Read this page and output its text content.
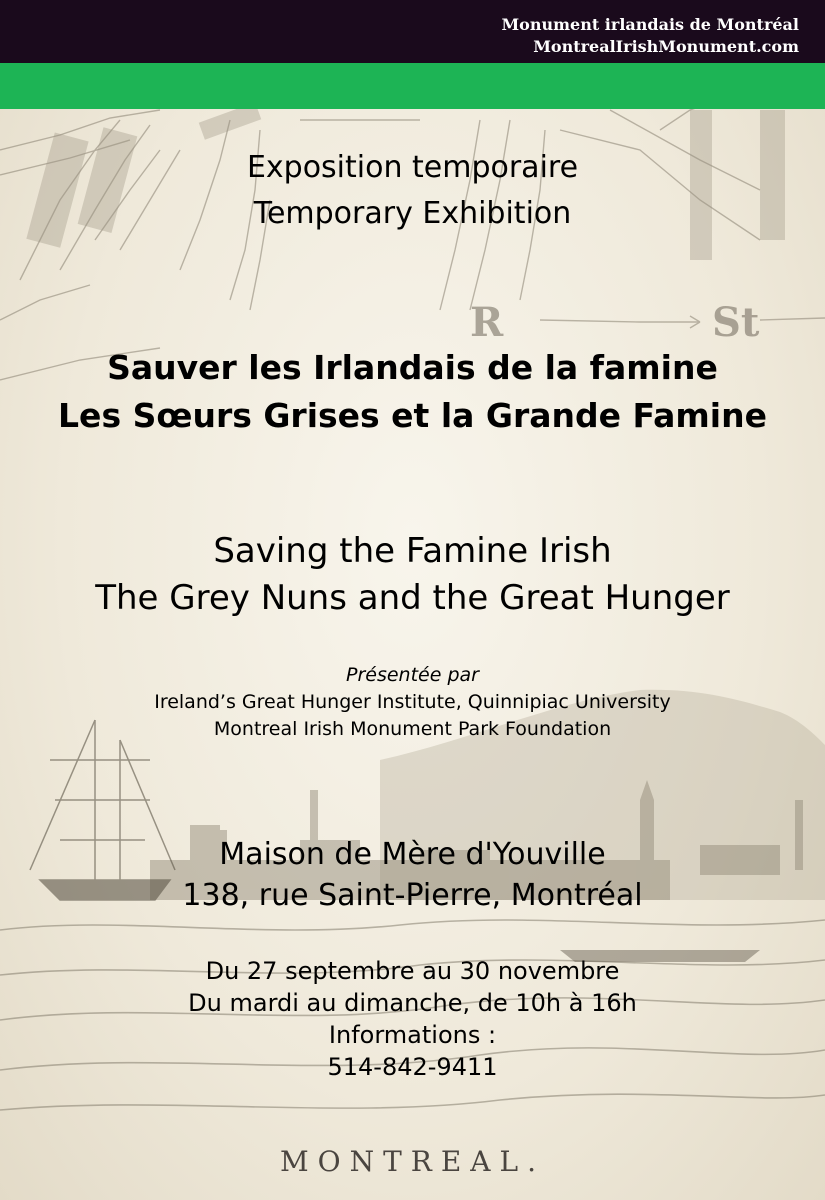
R	St
Monument irlandais de Montréal
MontrealIrishMonument.com
Exposition temporaire
Temporary Exhibition
Sauver les Irlandais de la famine
Les Sœurs Grises et la Grande Famine
Saving the Famine Irish
The Grey Nuns and the Great Hunger
Présentée par
Ireland’s Great Hunger Institute, Quinnipiac University
Montreal Irish Monument Park Foundation
Maison de Mère d'Youville
138, rue Saint-Pierre, Montréal
Du 27 septembre au 30 novembre
Du mardi au dimanche, de 10h à 16h
Informations :
514-842-9411
MONTREAL.
